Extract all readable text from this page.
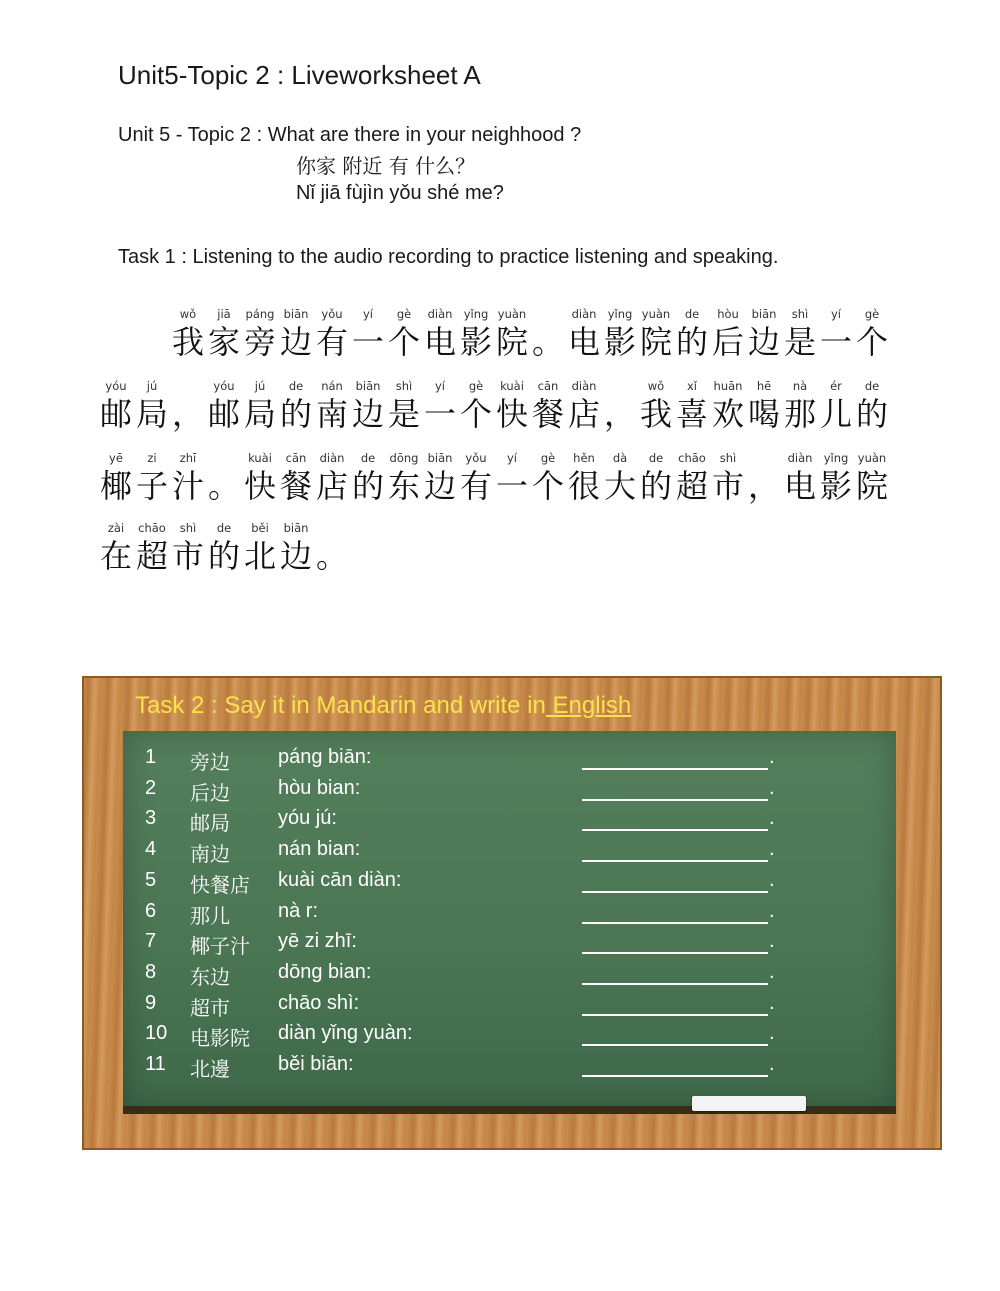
Unit5-Topic 2 : Liveworksheet A
Unit 5 - Topic 2 : What are there in your neighhood ?
你家 附近 有 什么？
Nǐ jiā fùjìn yǒu shé me?
Task 1 : Listening to the audio recording to practice listening and speaking.
wǒ
我
jiā
家
páng
旁
biān
边
yǒu
有
yí
一
gè
个
diàn
电
yǐng
影
yuàn
院 。
diàn
电
yǐng
影
yuàn
院
de
的
hòu
后
biān
边
shì
是
yí
一
gè
个
yóu
邮
jú
局 ，
yóu
邮
jú
局
de
的
nán
南
biān
边
shì
是
yí
一
gè
个
kuài
快
cān
餐
diàn
店 ，
wǒ
我
xǐ
喜
huān
欢
hē
喝
nà
那
ér
儿
de
的
yē
椰
zi
子
zhī
汁 。
kuài
快
cān
餐
diàn
店
de
的
dōng
东
biān
边
yǒu
有
yí
一
gè
个
hěn
很
dà
大
de
的
chāo
超
shì
市 ，
diàn
电
yǐng
影
yuàn
院
zài
在
chāo
超
shì
市
de
的
běi
北
biān
边 。
Task 2 : Say it in Mandarin and write in English
1 旁边 páng biān:	.
2 后边 hòu bian:	.
3 邮局 yóu jú:	.
4 南边 nán bian:	.
5 快餐店 kuài cān diàn:	.
6 那儿 nà r:	.
7 椰子汁 yē zi zhī:	.
8 东边 dōng bian:	.
9 超市 chāo shì:	.
10 电影院 diàn yǐng yuàn:	.
11 北邊 běi biān:	.
